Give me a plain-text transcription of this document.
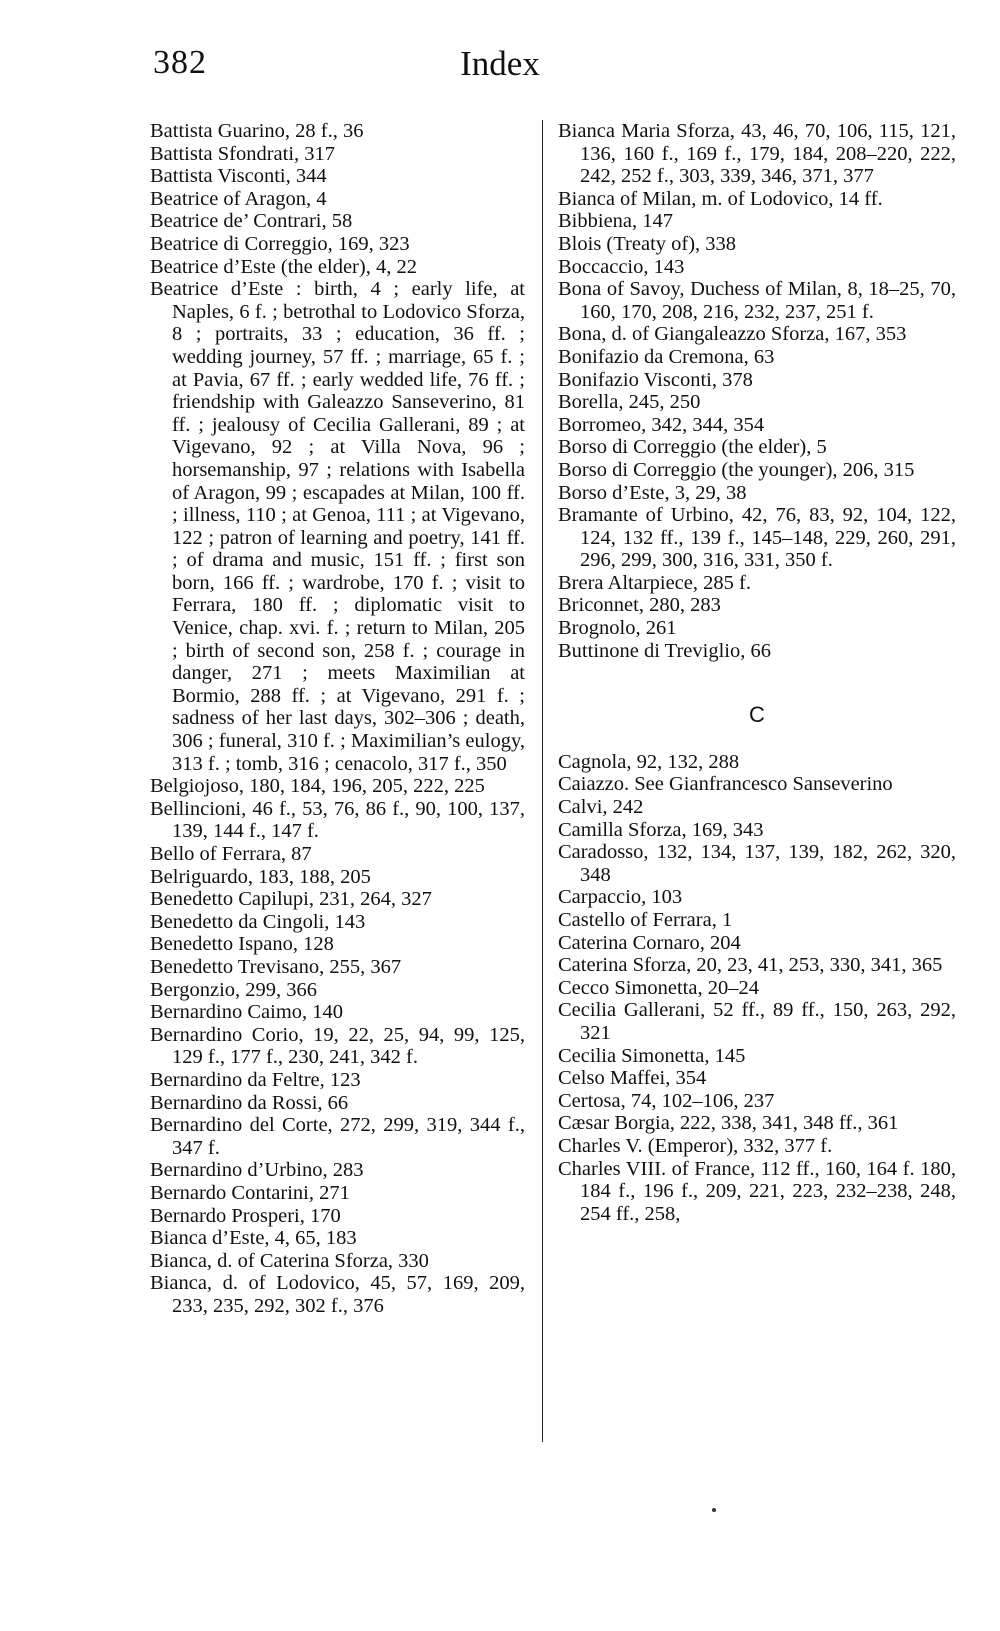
382	Index

Battista Guarino, 28 f., 36

Battista Sfondrati, 317

Battista Visconti, 344

Beatrice of Aragon, 4

Beatrice de’ Contrari, 58

Beatrice di Correggio, 169, 323

Beatrice d’Este (the elder), 4, 22

Beatrice d’Este : birth, 4 ; early life, at Naples, 6 f. ; betrothal to Lodovico Sforza, 8 ; portraits, 33 ; education, 36 ff. ; wedding journey, 57 ff. ; marriage, 65 f. ; at Pavia, 67 ff. ; early wedded life, 76 ff. ; friendship with Galeazzo Sanseverino, 81 ff. ; jealousy of Cecilia Gallerani, 89 ; at Vigevano, 92 ; at Villa Nova, 96 ; horsemanship, 97 ; relations with Isabella of Aragon, 99 ; escapades at Milan, 100 ff. ; illness, 110 ; at Genoa, 111 ; at Vigevano, 122 ; patron of learning and poetry, 141 ff. ; of drama and music, 151 ff. ; first son born, 166 ff. ; wardrobe, 170 f. ; visit to Ferrara, 180 ff. ; diplomatic visit to Venice, chap. xvi. f. ; return to Milan, 205 ; birth of second son, 258 f. ; courage in danger, 271 ; meets Maximilian at Bormio, 288 ff. ; at Vigevano, 291 f. ; sadness of her last days, 302–306 ; death, 306 ; funeral, 310 f. ; Maximilian’s eulogy, 313 f. ; tomb, 316 ; cenacolo, 317 f., 350

Belgiojoso, 180, 184, 196, 205, 222, 225

Bellincioni, 46 f., 53, 76, 86 f., 90, 100, 137, 139, 144 f., 147 f.

Bello of Ferrara, 87

Belriguardo, 183, 188, 205

Benedetto Capilupi, 231, 264, 327

Benedetto da Cingoli, 143

Benedetto Ispano, 128

Benedetto Trevisano, 255, 367

Bergonzio, 299, 366

Bernardino Caimo, 140

Bernardino Corio, 19, 22, 25, 94, 99, 125, 129 f., 177 f., 230, 241, 342 f.

Bernardino da Feltre, 123

Bernardino da Rossi, 66

Bernardino del Corte, 272, 299, 319, 344 f., 347 f.

Bernardino d’Urbino, 283

Bernardo Contarini, 271

Bernardo Prosperi, 170

Bianca d’Este, 4, 65, 183

Bianca, d. of Caterina Sforza, 330

Bianca, d. of Lodovico, 45, 57, 169, 209, 233, 235, 292, 302 f., 376

Bianca Maria Sforza, 43, 46, 70, 106, 115, 121, 136, 160 f., 169 f., 179, 184, 208–220, 222, 242, 252 f., 303, 339, 346, 371, 377

Bianca of Milan, m. of Lodovico, 14 ff.

Bibbiena, 147

Blois (Treaty of), 338

Boccaccio, 143

Bona of Savoy, Duchess of Milan, 8, 18–25, 70, 160, 170, 208, 216, 232, 237, 251 f.

Bona, d. of Giangaleazzo Sforza, 167, 353

Bonifazio da Cremona, 63

Bonifazio Visconti, 378

Borella, 245, 250

Borromeo, 342, 344, 354

Borso di Correggio (the elder), 5

Borso di Correggio (the younger), 206, 315

Borso d’Este, 3, 29, 38

Bramante of Urbino, 42, 76, 83, 92, 104, 122, 124, 132 ff., 139 f., 145–148, 229, 260, 291, 296, 299, 300, 316, 331, 350 f.

Brera Altarpiece, 285 f.

Briconnet, 280, 283

Brognolo, 261

Buttinone di Treviglio, 66

C

Cagnola, 92, 132, 288

Caiazzo. See Gianfrancesco Sanseverino

Calvi, 242

Camilla Sforza, 169, 343

Caradosso, 132, 134, 137, 139, 182, 262, 320, 348

Carpaccio, 103

Castello of Ferrara, 1

Caterina Cornaro, 204

Caterina Sforza, 20, 23, 41, 253, 330, 341, 365

Cecco Simonetta, 20–24

Cecilia Gallerani, 52 ff., 89 ff., 150, 263, 292, 321

Cecilia Simonetta, 145

Celso Maffei, 354

Certosa, 74, 102–106, 237

Cæsar Borgia, 222, 338, 341, 348 ff., 361

Charles V. (Emperor), 332, 377 f.

Charles VIII. of France, 112 ff., 160, 164 f. 180, 184 f., 196 f., 209, 221, 223, 232–238, 248, 254 ff., 258,
